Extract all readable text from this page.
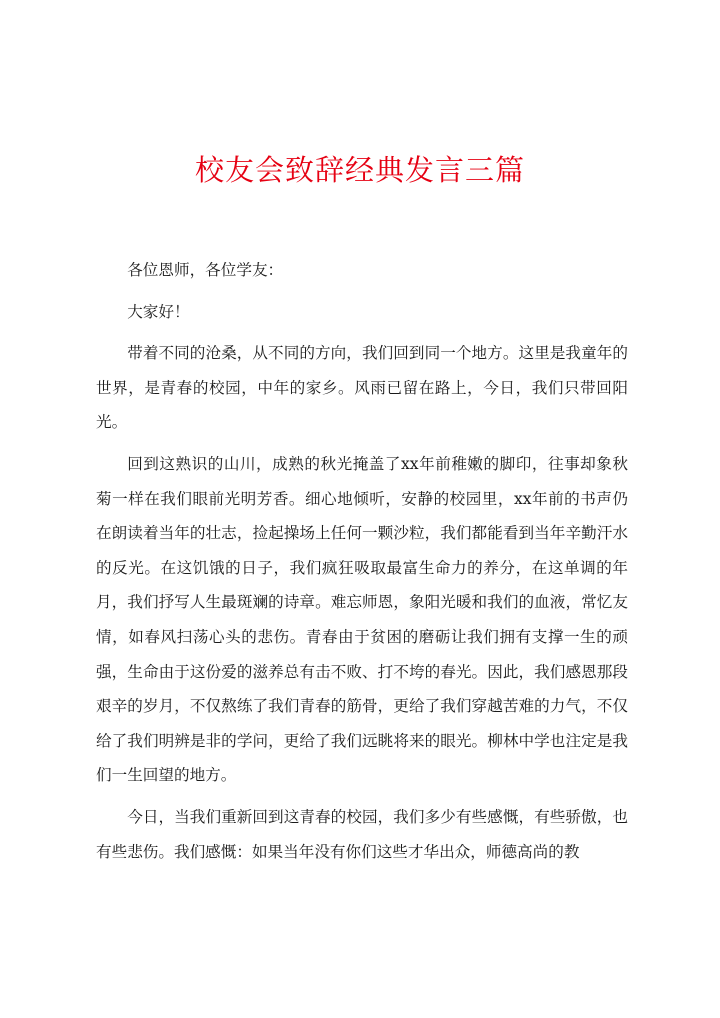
校友会致辞经典发言三篇

各位恩师，各位学友：

大家好！

带着不同的沧桑，从不同的方向，我们回到同一个地方。这里是我童年的世界，是青春的校园，中年的家乡。风雨已留在路上，今日，我们只带回阳光。

回到这熟识的山川，成熟的秋光掩盖了xx年前稚嫩的脚印，往事却象秋菊一样在我们眼前光明芳香。细心地倾听，安静的校园里，xx年前的书声仍在朗读着当年的壮志，捡起操场上任何一颗沙粒，我们都能看到当年辛勤汗水的反光。在这饥饿的日子，我们疯狂吸取最富生命力的养分，在这单调的年月，我们抒写人生最斑斓的诗章。难忘师恩，象阳光暖和我们的血液，常忆友情，如春风扫荡心头的悲伤。青春由于贫困的磨砺让我们拥有支撑一生的顽强，生命由于这份爱的滋养总有击不败、打不垮的春光。因此，我们感恩那段艰辛的岁月，不仅熬练了我们青春的筋骨，更给了我们穿越苦难的力气，不仅给了我们明辨是非的学问，更给了我们远眺将来的眼光。柳林中学也注定是我们一生回望的地方。

今日，当我们重新回到这青春的校园，我们多少有些感慨，有些骄傲，也有些悲伤。我们感慨：如果当年没有你们这些才华出众，师德高尚的教
